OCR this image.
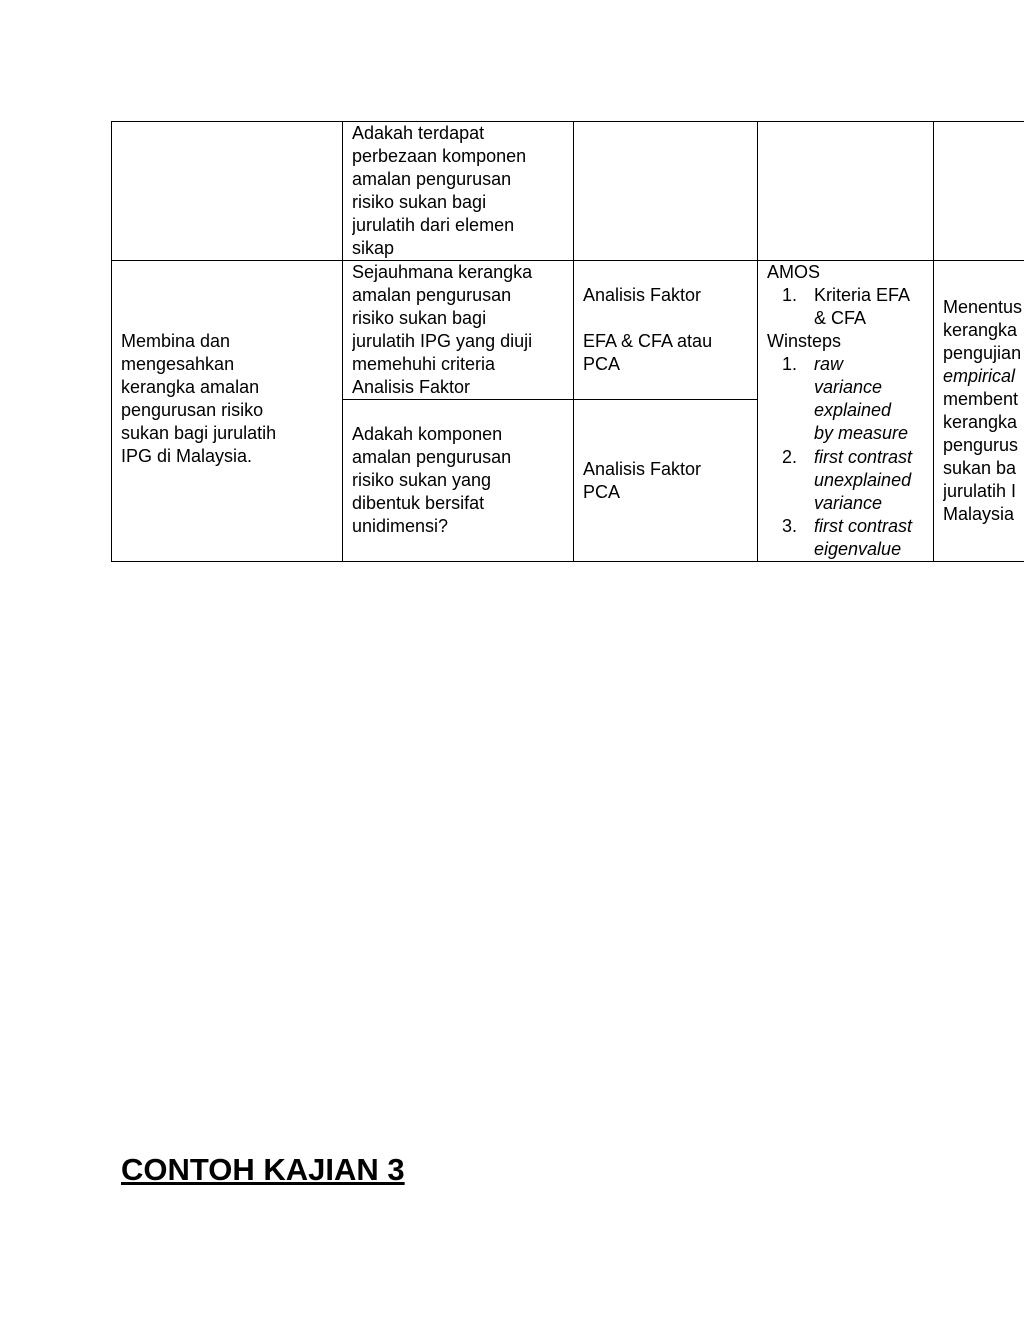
Adakah terdapat
perbezaan komponen
amalan pengurusan
risiko sukan bagi
jurulatih dari elemen
sikap
Membina dan
mengesahkan
kerangka amalan
pengurusan risiko
sukan bagi jurulatih
IPG di Malaysia.
Sejauhmana kerangka
amalan pengurusan
risiko sukan bagi
jurulatih IPG yang diuji
memehuhi criteria
Analisis Faktor
Adakah komponen
amalan pengurusan
risiko sukan yang
dibentuk bersifat
unidimensi?
Analisis Faktor
EFA & CFA atau
PCA
Analisis Faktor
PCA
AMOS
1. Kriteria EFA
& CFA
Winsteps
1. raw
variance
explained
by measure
2. first contrast
unexplained
variance
3. first contrast
eigenvalue
Menentus
kerangka
pengujian
empirical
membent
kerangka
pengurus
sukan ba
jurulatih I
Malaysia
CONTOH KAJIAN 3
